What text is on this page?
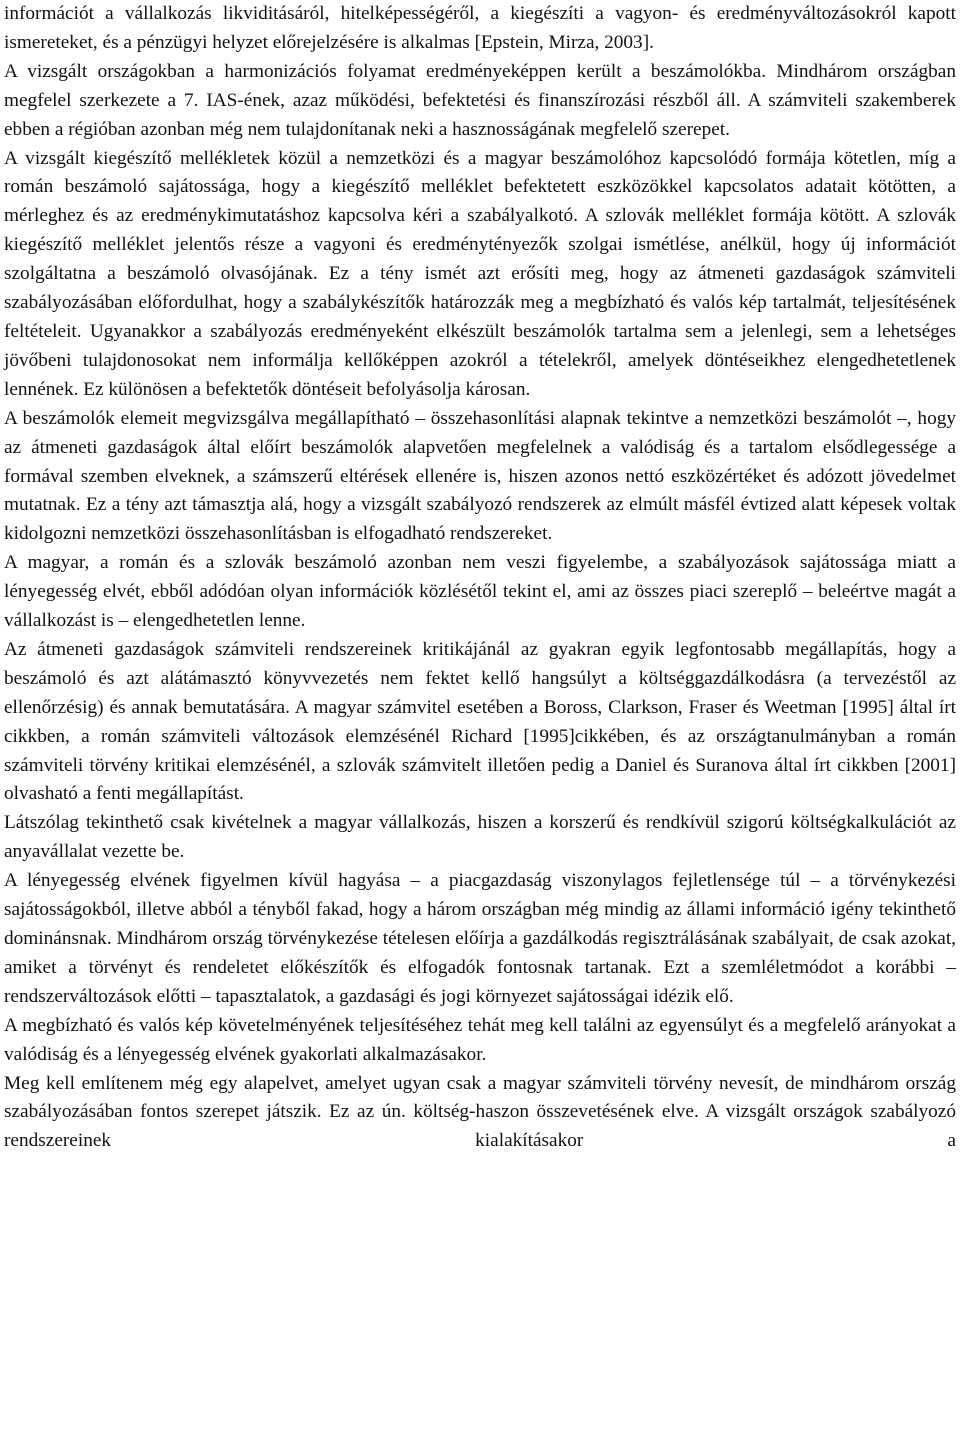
információt a vállalkozás likviditásáról, hitelképességéről, a kiegészíti a vagyon- és eredményváltozásokról kapott ismereteket, és a pénzügyi helyzet előrejelzésére is alkalmas [Epstein, Mirza, 2003].

A vizsgált országokban a harmonizációs folyamat eredményeképpen került a beszámolókba. Mindhárom országban megfelel szerkezete a 7. IAS-ének, azaz működési, befektetési és finanszírozási részből áll. A számviteli szakemberek ebben a régióban azonban még nem tulajdonítanak neki a hasznosságának megfelelő szerepet.

A vizsgált kiegészítő mellékletek közül a nemzetközi és a magyar beszámolóhoz kapcsolódó formája kötetlen, míg a román beszámoló sajátossága, hogy a kiegészítő melléklet befektetett eszközökkel kapcsolatos adatait kötötten, a mérleghez és az eredménykimutatáshoz kapcsolva kéri a szabályalkotó. A szlovák melléklet formája kötött. A szlovák kiegészítő melléklet jelentős része a vagyoni és eredménytényezők szolgai ismétlése, anélkül, hogy új információt szolgáltatna a beszámoló olvasójának. Ez a tény ismét azt erősíti meg, hogy az átmeneti gazdaságok számviteli szabályozásában előfordulhat, hogy a szabálykészítők határozzák meg a megbízható és valós kép tartalmát, teljesítésének feltételeit. Ugyanakkor a szabályozás eredményeként elkészült beszámolók tartalma sem a jelenlegi, sem a lehetséges jövőbeni tulajdonosokat nem informálja kellőképpen azokról a tételekről, amelyek döntéseikhez elengedhetetlenek lennének. Ez különösen a befektetők döntéseit befolyásolja károsan.

A beszámolók elemeit megvizsgálva megállapítható – összehasonlítási alapnak tekintve a nemzetközi beszámolót –, hogy az átmeneti gazdaságok által előírt beszámolók alapvetően megfelelnek a valódiság és a tartalom elsődlegessége a formával szemben elveknek, a számszerű eltérések ellenére is, hiszen azonos nettó eszközértéket és adózott jövedelmet mutatnak. Ez a tény azt támasztja alá, hogy a vizsgált szabályozó rendszerek az elmúlt másfél évtized alatt képesek voltak kidolgozni nemzetközi összehasonlításban is elfogadható rendszereket.

A magyar, a román és a szlovák beszámoló azonban nem veszi figyelembe, a szabályozások sajátossága miatt a lényegesség elvét, ebből adódóan olyan információk közlésétől tekint el, ami az összes piaci szereplő – beleértve magát a vállalkozást is – elengedhetetlen lenne.

Az átmeneti gazdaságok számviteli rendszereinek kritikájánál az gyakran egyik legfontosabb megállapítás, hogy a beszámoló és azt alátámasztó könyvvezetés nem fektet kellő hangsúlyt a költséggazdálkodásra (a tervezéstől az ellenőrzésig) és annak bemutatására. A magyar számvitel esetében a Boross, Clarkson, Fraser és Weetman [1995] által írt cikkben, a román számviteli változások elemzésénél Richard [1995]cikkében, és az országtanulmányban a román számviteli törvény kritikai elemzésénél, a szlovák számvitelt illetően pedig a Daniel és Suranova által írt cikkben [2001] olvasható a fenti megállapítást.

Látszólag tekinthető csak kivételnek a magyar vállalkozás, hiszen a korszerű és rendkívül szigorú költségkalkulációt az anyavállalat vezette be.

A lényegesség elvének figyelmen kívül hagyása – a piacgazdaság viszonylagos fejletlensége túl – a törvénykezési sajátosságokból, illetve abból a tényből fakad, hogy a három országban még mindig az állami információ igény tekinthető dominánsnak. Mindhárom ország törvénykezése tételesen előírja a gazdálkodás regisztrálásának szabályait, de csak azokat, amiket a törvényt és rendeletet előkészítők és elfogadók fontosnak tartanak. Ezt a szemléletmódot a korábbi – rendszerváltozások előtti – tapasztalatok, a gazdasági és jogi környezet sajátosságai idézik elő.

A megbízható és valós kép követelményének teljesítéséhez tehát meg kell találni az egyensúlyt és a megfelelő arányokat a valódiság és a lényegesség elvének gyakorlati alkalmazásakor.

Meg kell említenem még egy alapelvet, amelyet ugyan csak a magyar számviteli törvény nevesít, de mindhárom ország szabályozásában fontos szerepet játszik. Ez az ún. költség-haszon összevetésének elve. A vizsgált országok szabályozó rendszereinek kialakításakor a
